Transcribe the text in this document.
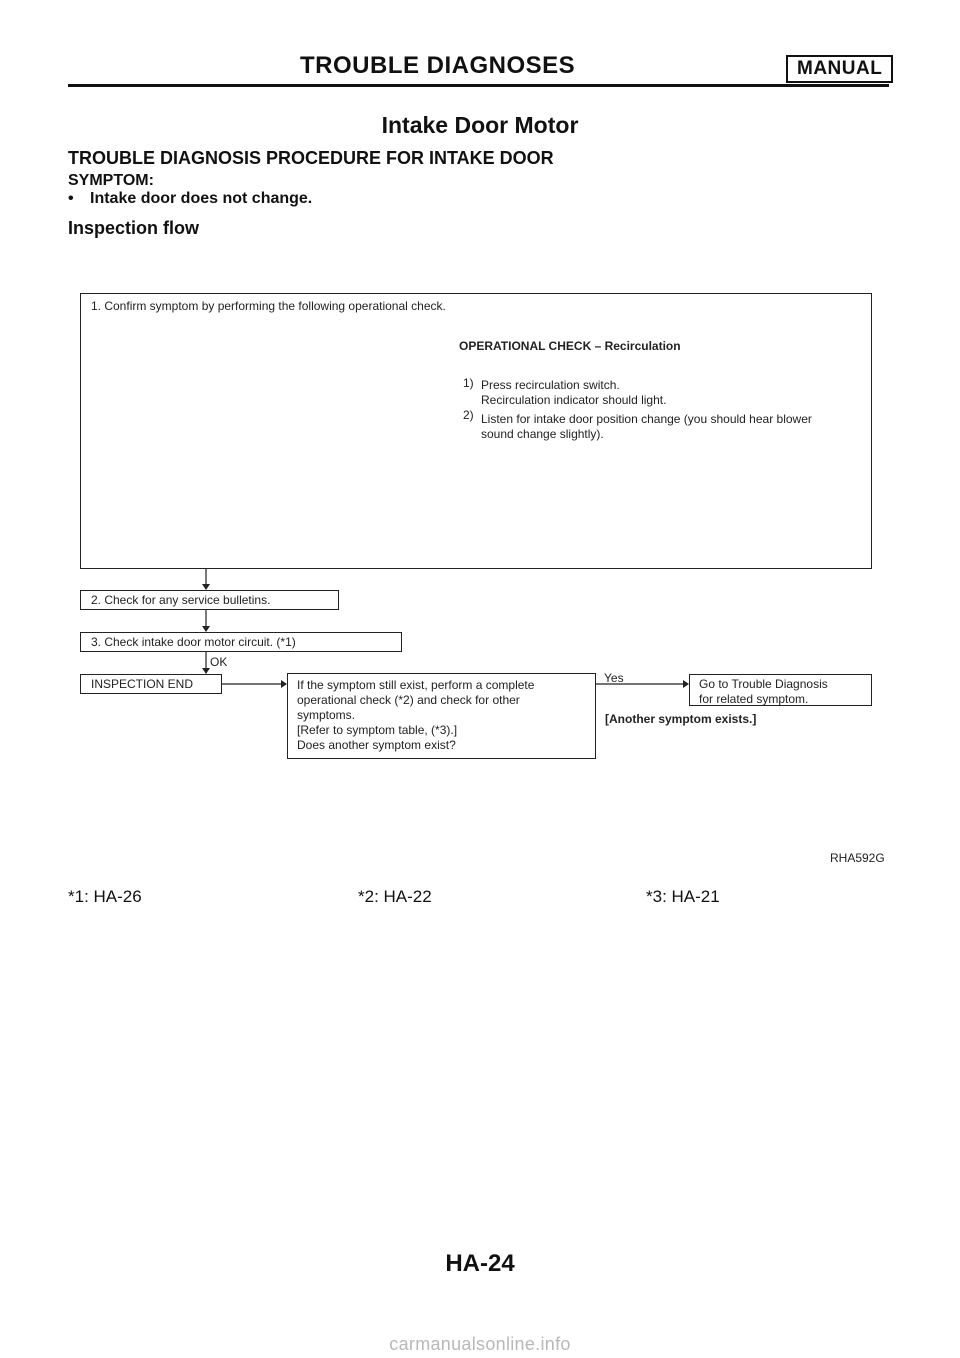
TROUBLE DIAGNOSES	MANUAL
Intake Door Motor
TROUBLE DIAGNOSIS PROCEDURE FOR INTAKE DOOR
SYMPTOM:
• Intake door does not change.
Inspection flow
1. Confirm symptom by performing the following operational check.
OPERATIONAL CHECK – Recirculation
1) Press recirculation switch.
Recirculation indicator should light.
2) Listen for intake door position change (you should hear blower
sound change slightly).
2. Check for any service bulletins.
3. Check intake door motor circuit. (*1)
OK
INSPECTION END	If the symptom still exist, perform a complete
operational check (*2) and check for other
symptoms.
[Refer to symptom table, (*3).]
Does another symptom exist?
Yes	Go to Trouble Diagnosis
for related symptom.
[Another symptom exists.]
RHA592G
*1: HA-26	*2: HA-22	*3: HA-21
HA-24
carmanualsonline.info
